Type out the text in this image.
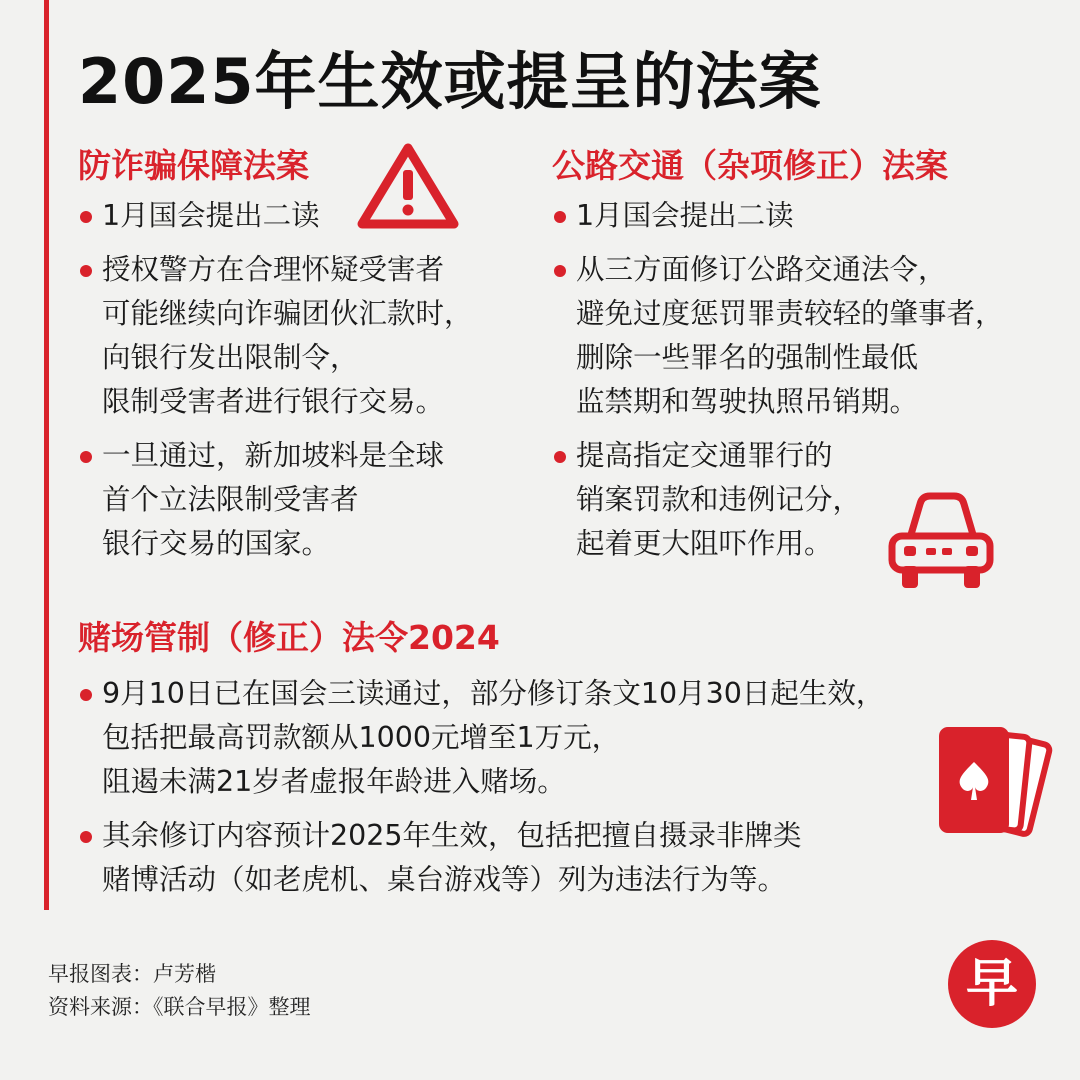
2025年生效或提呈的法案
防诈骗保障法案
1月国会提出二读
授权警方在合理怀疑受害者
可能继续向诈骗团伙汇款时，
向银行发出限制令，
限制受害者进行银行交易。
一旦通过，新加坡料是全球
首个立法限制受害者
银行交易的国家。
公路交通（杂项修正）法案
1月国会提出二读
从三方面修订公路交通法令，
避免过度惩罚罪责较轻的肇事者，
删除一些罪名的强制性最低
监禁期和驾驶执照吊销期。
提高指定交通罪行的
销案罚款和违例记分，
起着更大阻吓作用。
赌场管制（修正）法令2024
9月10日已在国会三读通过，部分修订条文10月30日起生效，
包括把最高罚款额从1000元增至1万元，
阻遏未满21岁者虚报年龄进入赌场。
其余修订内容预计2025年生效，包括把擅自摄录非牌类
赌博活动（如老虎机、桌台游戏等）列为违法行为等。
早报图表：卢芳楷
资料来源：《联合早报》整理	早
